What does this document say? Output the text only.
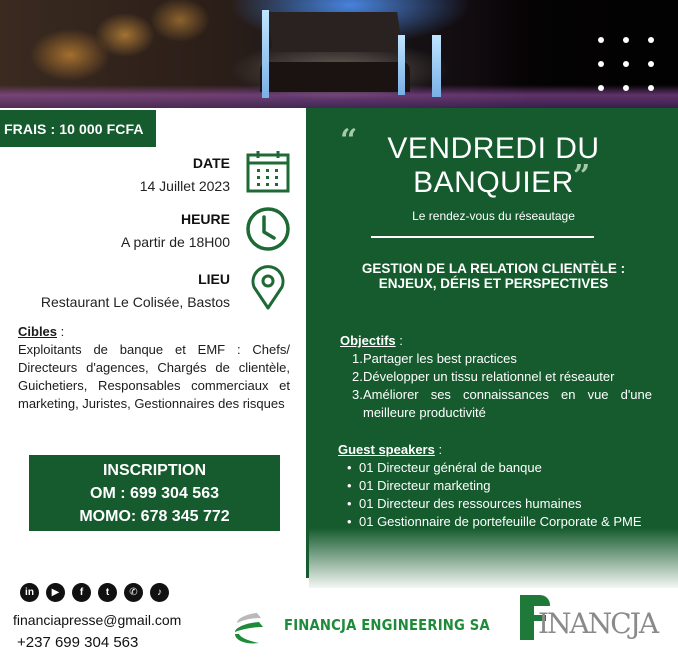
FRAIS : 10 000 FCFA
DATE
14 Juillet 2023
HEURE
A partir de 18H00
LIEU
Restaurant Le Colisée, Bastos
Cibles :
Exploitants de banque et EMF : Chefs/ Directeurs d'agences, Chargés de clientèle, Guichetiers, Responsables commerciaux et marketing, Juristes, Gestionnaires des risques
INSCRIPTION
OM : 699 304 563
MOMO: 678 345 772
in	▶	f	t	✆	♪
financiapresse@gmail.com
+237 699 304 563
“	VENDREDI DU
BANQUIER ”
Le rendez-vous du réseautage
GESTION DE LA RELATION CLIENTÈLE :
ENJEUX, DÉFIS ET PERSPECTIVES
Objectifs :
1. Partager les best practices
2. Développer un tissu relationnel et réseauter
3. Améliorer ses connaissances en vue d'une meilleure productivité
Guest speakers :
• 01 Directeur général de banque
• 01 Directeur marketing
• 01 Directeur des ressources humaines
• 01 Gestionnaire de portefeuille Corporate & PME
FINANCJA ENGINEERING SA INANCJA
